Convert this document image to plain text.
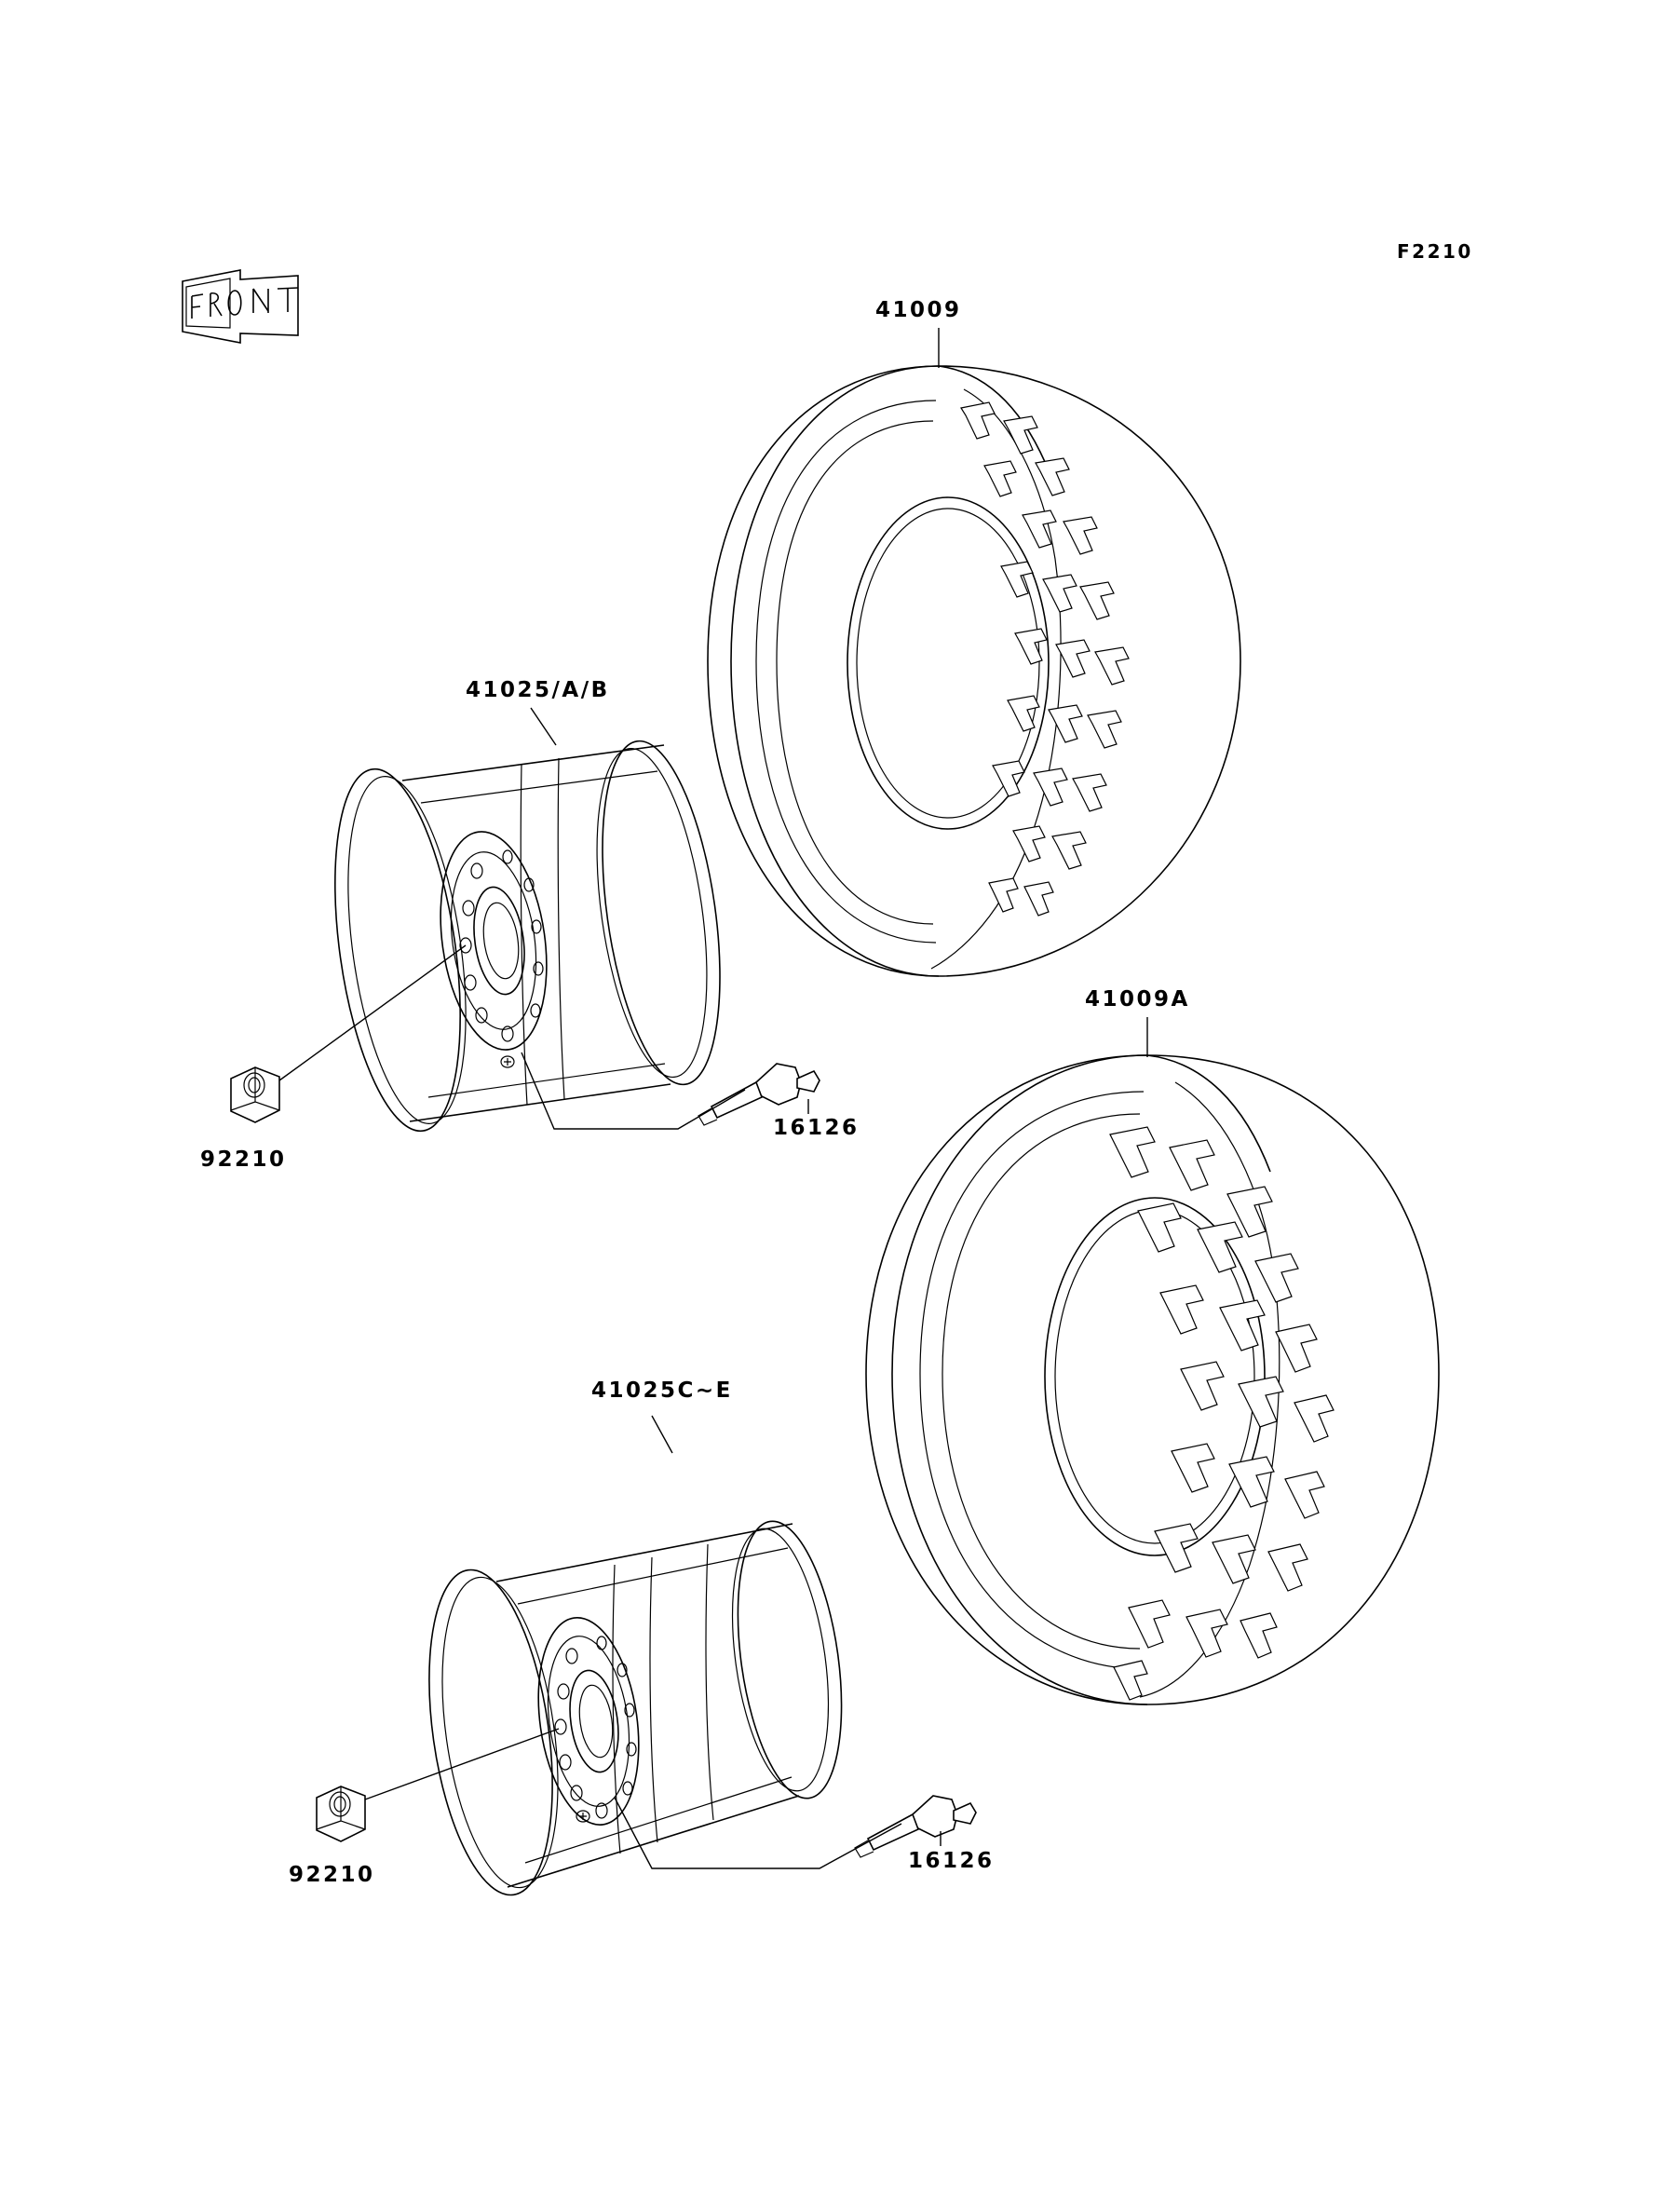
F2210
41009
41025/A/B
92210
16126
41009A
41025C~E
92210
16126
